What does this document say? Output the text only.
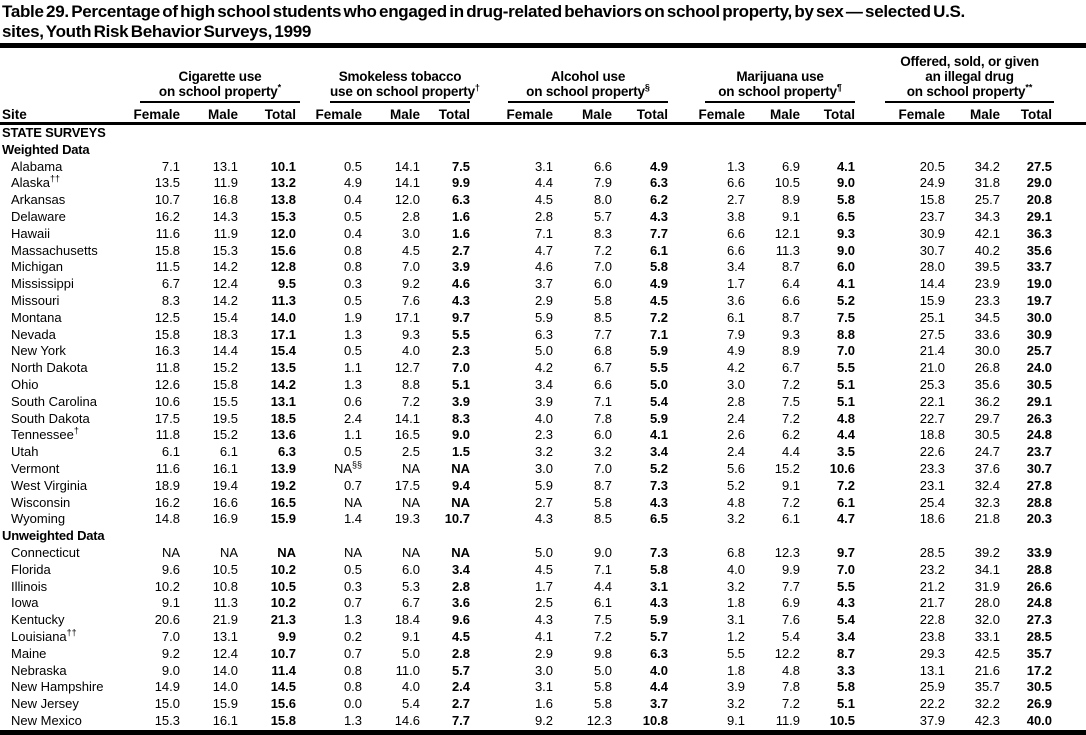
Table 29. Percentage of high school students who engaged in drug-related behaviors on school property, by sex — selected U.S.
sites, Youth Risk Behavior Surveys, 1999

	Cigarette use
on school property*			Smokeless tobacco
use on school property†			Alcohol use
on school property§			Marijuana use
on school property¶			Offered, sold, or given
an illegal drug
on school property**

Site	Female	Male	Total	Female	Male	Total	Female	Male	Total	Female	Male	Total	Female	Male	Total	
STATE SURVEYS																
Weighted Data																
Alabama	7.1	13.1	10.1	0.5	14.1	7.5	3.1	6.6	4.9	1.3	6.9	4.1	20.5	34.2	27.5	
Alaska††	13.5	11.9	13.2	4.9	14.1	9.9	4.4	7.9	6.3	6.6	10.5	9.0	24.9	31.8	29.0	
Arkansas	10.7	16.8	13.8	0.4	12.0	6.3	4.5	8.0	6.2	2.7	8.9	5.8	15.8	25.7	20.8	
Delaware	16.2	14.3	15.3	0.5	2.8	1.6	2.8	5.7	4.3	3.8	9.1	6.5	23.7	34.3	29.1	
Hawaii	11.6	11.9	12.0	0.4	3.0	1.6	7.1	8.3	7.7	6.6	12.1	9.3	30.9	42.1	36.3	
Massachusetts	15.8	15.3	15.6	0.8	4.5	2.7	4.7	7.2	6.1	6.6	11.3	9.0	30.7	40.2	35.6	
Michigan	11.5	14.2	12.8	0.8	7.0	3.9	4.6	7.0	5.8	3.4	8.7	6.0	28.0	39.5	33.7	
Mississippi	6.7	12.4	9.5	0.3	9.2	4.6	3.7	6.0	4.9	1.7	6.4	4.1	14.4	23.9	19.0	
Missouri	8.3	14.2	11.3	0.5	7.6	4.3	2.9	5.8	4.5	3.6	6.6	5.2	15.9	23.3	19.7	
Montana	12.5	15.4	14.0	1.9	17.1	9.7	5.9	8.5	7.2	6.1	8.7	7.5	25.1	34.5	30.0	
Nevada	15.8	18.3	17.1	1.3	9.3	5.5	6.3	7.7	7.1	7.9	9.3	8.8	27.5	33.6	30.9	
New York	16.3	14.4	15.4	0.5	4.0	2.3	5.0	6.8	5.9	4.9	8.9	7.0	21.4	30.0	25.7	
North Dakota	11.8	15.2	13.5	1.1	12.7	7.0	4.2	6.7	5.5	4.2	6.7	5.5	21.0	26.8	24.0	
Ohio	12.6	15.8	14.2	1.3	8.8	5.1	3.4	6.6	5.0	3.0	7.2	5.1	25.3	35.6	30.5	
South Carolina	10.6	15.5	13.1	0.6	7.2	3.9	3.9	7.1	5.4	2.8	7.5	5.1	22.1	36.2	29.1	
South Dakota	17.5	19.5	18.5	2.4	14.1	8.3	4.0	7.8	5.9	2.4	7.2	4.8	22.7	29.7	26.3	
Tennessee†	11.8	15.2	13.6	1.1	16.5	9.0	2.3	6.0	4.1	2.6	6.2	4.4	18.8	30.5	24.8	
Utah	6.1	6.1	6.3	0.5	2.5	1.5	3.2	3.2	3.4	2.4	4.4	3.5	22.6	24.7	23.7	
Vermont	11.6	16.1	13.9	NA§§	NA	NA	3.0	7.0	5.2	5.6	15.2	10.6	23.3	37.6	30.7	
West Virginia	18.9	19.4	19.2	0.7	17.5	9.4	5.9	8.7	7.3	5.2	9.1	7.2	23.1	32.4	27.8	
Wisconsin	16.2	16.6	16.5	NA	NA	NA	2.7	5.8	4.3	4.8	7.2	6.1	25.4	32.3	28.8	
Wyoming	14.8	16.9	15.9	1.4	19.3	10.7	4.3	8.5	6.5	3.2	6.1	4.7	18.6	21.8	20.3	
Unweighted Data																
Connecticut	NA	NA	NA	NA	NA	NA	5.0	9.0	7.3	6.8	12.3	9.7	28.5	39.2	33.9	
Florida	9.6	10.5	10.2	0.5	6.0	3.4	4.5	7.1	5.8	4.0	9.9	7.0	23.2	34.1	28.8	
Illinois	10.2	10.8	10.5	0.3	5.3	2.8	1.7	4.4	3.1	3.2	7.7	5.5	21.2	31.9	26.6	
Iowa	9.1	11.3	10.2	0.7	6.7	3.6	2.5	6.1	4.3	1.8	6.9	4.3	21.7	28.0	24.8	
Kentucky	20.6	21.9	21.3	1.3	18.4	9.6	4.3	7.5	5.9	3.1	7.6	5.4	22.8	32.0	27.3	
Louisiana††	7.0	13.1	9.9	0.2	9.1	4.5	4.1	7.2	5.7	1.2	5.4	3.4	23.8	33.1	28.5	
Maine	9.2	12.4	10.7	0.7	5.0	2.8	2.9	9.8	6.3	5.5	12.2	8.7	29.3	42.5	35.7	
Nebraska	9.0	14.0	11.4	0.8	11.0	5.7	3.0	5.0	4.0	1.8	4.8	3.3	13.1	21.6	17.2	
New Hampshire	14.9	14.0	14.5	0.8	4.0	2.4	3.1	5.8	4.4	3.9	7.8	5.8	25.9	35.7	30.5	
New Jersey	15.0	15.9	15.6	0.0	5.4	2.7	1.6	5.8	3.7	3.2	7.2	5.1	22.2	32.2	26.9	
New Mexico	15.3	16.1	15.8	1.3	14.6	7.7	9.2	12.3	10.8	9.1	11.9	10.5	37.9	42.3	40.0	
